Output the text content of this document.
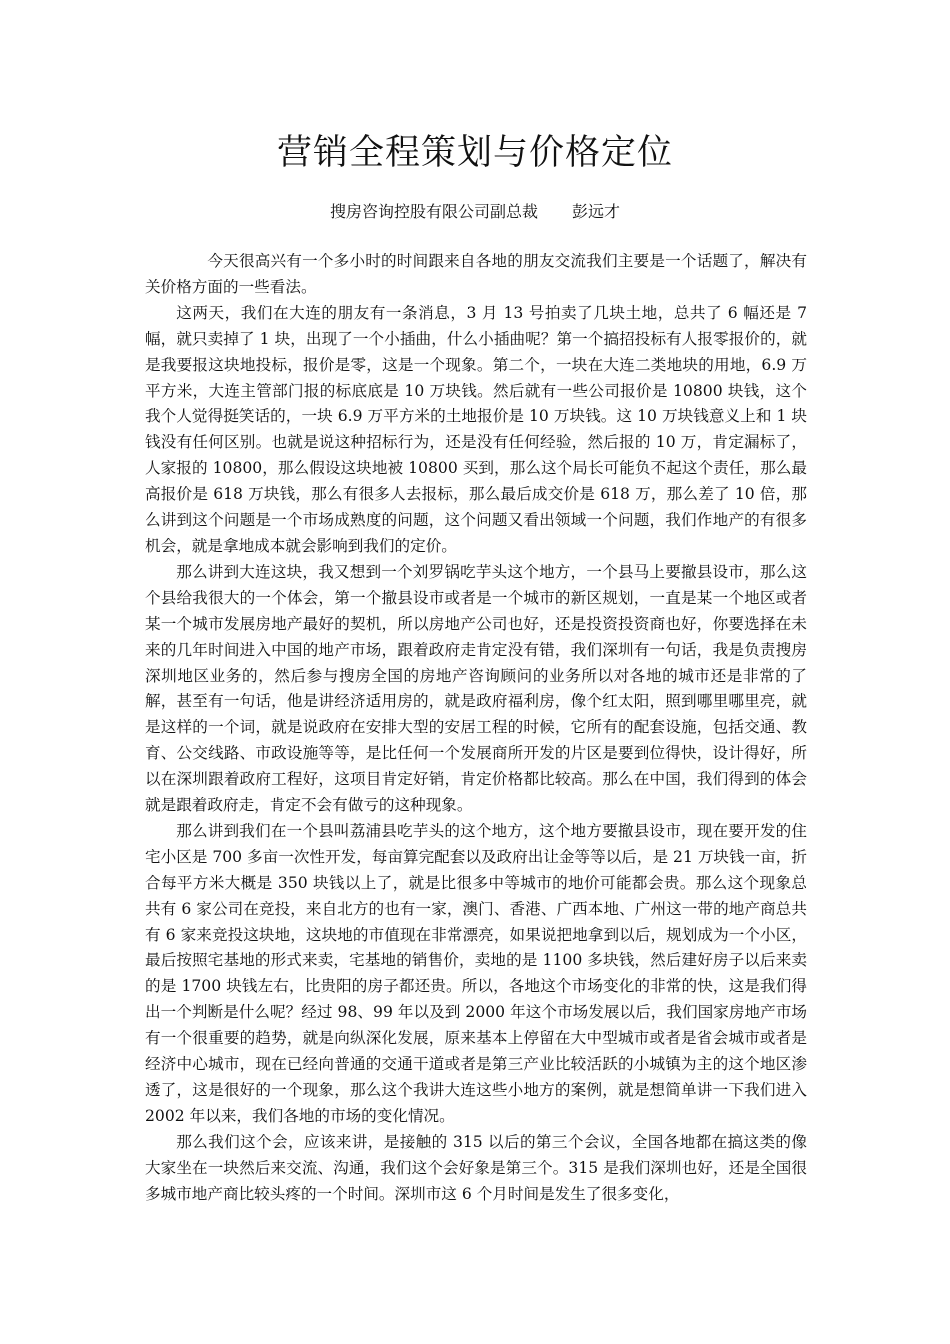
营销全程策划与价格定位
搜房咨询控股有限公司副总裁 彭远才

今天很高兴有一个多小时的时间跟来自各地的朋友交流我们主要是一个话题了，解决有关价格方面的一些看法。

这两天，我们在大连的朋友有一条消息，3 月 13 号拍卖了几块土地，总共了 6 幅还是 7 幅，就只卖掉了 1 块，出现了一个小插曲，什么小插曲呢？第一个搞招投标有人报零报价的，就是我要报这块地投标，报价是零，这是一个现象。第二个，一块在大连二类地块的用地，6.9 万平方米，大连主管部门报的标底底是 10 万块钱。然后就有一些公司报价是 10800 块钱，这个我个人觉得挺笑话的，一块 6.9 万平方米的土地报价是 10 万块钱。这 10 万块钱意义上和 1 块钱没有任何区别。也就是说这种招标行为，还是没有任何经验，然后报的 10 万，肯定漏标了，人家报的 10800，那么假设这块地被 10800 买到，那么这个局长可能负不起这个责任，那么最高报价是 618 万块钱，那么有很多人去报标，那么最后成交价是 618 万，那么差了 10 倍，那么讲到这个问题是一个市场成熟度的问题，这个问题又看出领域一个问题，我们作地产的有很多机会，就是拿地成本就会影响到我们的定价。

那么讲到大连这块，我又想到一个刘罗锅吃芋头这个地方，一个县马上要撤县设市，那么这个县给我很大的一个体会，第一个撤县设市或者是一个城市的新区规划，一直是某一个地区或者某一个城市发展房地产最好的契机，所以房地产公司也好，还是投资投资商也好，你要选择在未来的几年时间进入中国的地产市场，跟着政府走肯定没有错，我们深圳有一句话，我是负责搜房深圳地区业务的，然后参与搜房全国的房地产咨询顾问的业务所以对各地的城市还是非常的了解，甚至有一句话，他是讲经济适用房的，就是政府福利房，像个红太阳，照到哪里哪里亮，就是这样的一个词，就是说政府在安排大型的安居工程的时候，它所有的配套设施，包括交通、教育、公交线路、市政设施等等，是比任何一个发展商所开发的片区是要到位得快，设计得好，所以在深圳跟着政府工程好，这项目肯定好销，肯定价格都比较高。那么在中国，我们得到的体会就是跟着政府走，肯定不会有做亏的这种现象。

那么讲到我们在一个县叫荔浦县吃芋头的这个地方，这个地方要撤县设市，现在要开发的住宅小区是 700 多亩一次性开发，每亩算完配套以及政府出让金等等以后，是 21 万块钱一亩，折合每平方米大概是 350 块钱以上了，就是比很多中等城市的地价可能都会贵。那么这个现象总共有 6 家公司在竞投，来自北方的也有一家，澳门、香港、广西本地、广州这一带的地产商总共有 6 家来竞投这块地，这块地的市值现在非常漂亮，如果说把地拿到以后，规划成为一个小区，最后按照宅基地的形式来卖，宅基地的销售价，卖地的是 1100 多块钱，然后建好房子以后来卖的是 1700 块钱左右，比贵阳的房子都还贵。所以，各地这个市场变化的非常的快，这是我们得出一个判断是什么呢？经过 98、99 年以及到 2000 年这个市场发展以后，我们国家房地产市场有一个很重要的趋势，就是向纵深化发展，原来基本上停留在大中型城市或者是省会城市或者是经济中心城市，现在已经向普通的交通干道或者是第三产业比较活跃的小城镇为主的这个地区渗透了，这是很好的一个现象，那么这个我讲大连这些小地方的案例，就是想简单讲一下我们进入 2002 年以来，我们各地的市场的变化情况。

那么我们这个会，应该来讲，是接触的 315 以后的第三个会议，全国各地都在搞这类的像大家坐在一块然后来交流、沟通，我们这个会好象是第三个。315 是我们深圳也好，还是全国很多城市地产商比较头疼的一个时间。深圳市这 6 个月时间是发生了很多变化，
